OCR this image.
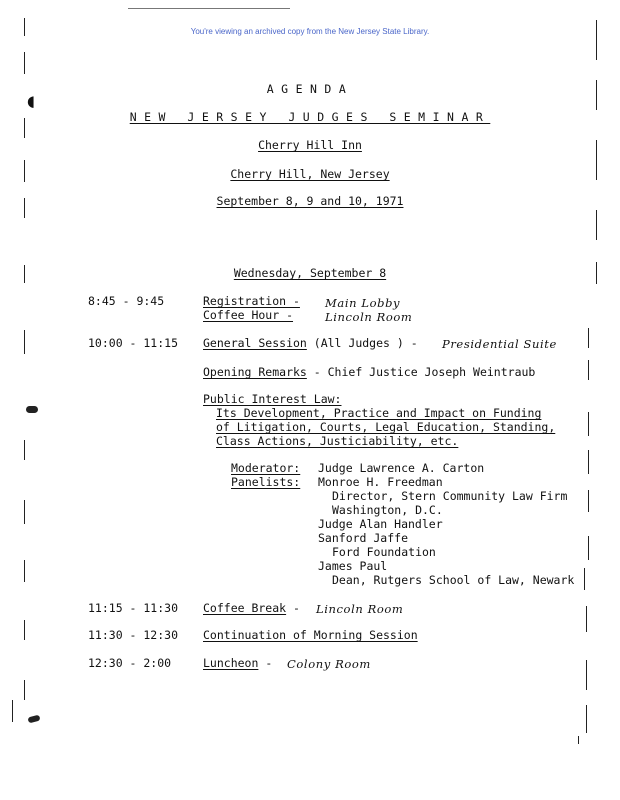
You're viewing an archived copy from the New Jersey State Library.
◖
AGENDA
NEW JERSEY JUDGES SEMINAR
Cherry Hill Inn
Cherry Hill, New Jersey
September 8, 9 and 10, 1971
Wednesday, September 8
8:45 - 9:45	Registration - Main Lobby
Coffee Hour -	Lincoln Room
10:00 - 11:15 General Session (All Judges ) - Presidential Suite
Opening Remarks - Chief Justice Joseph Weintraub
Public Interest Law:
Its Development, Practice and Impact on Funding
of Litigation, Courts, Legal Education, Standing,
Class Actions, Justiciability, etc.
Moderator: Judge Lawrence A. Carton
Panelists: Monroe H. Freedman
Director, Stern Community Law Firm
Washington, D.C.
Judge Alan Handler
Sanford Jaffe
Ford Foundation
James Paul
Dean, Rutgers School of Law, Newark
11:15 - 11:30 Coffee Break - Lincoln Room
11:30 - 12:30 Continuation of Morning Session
12:30 - 2:00	Luncheon - Colony Room
